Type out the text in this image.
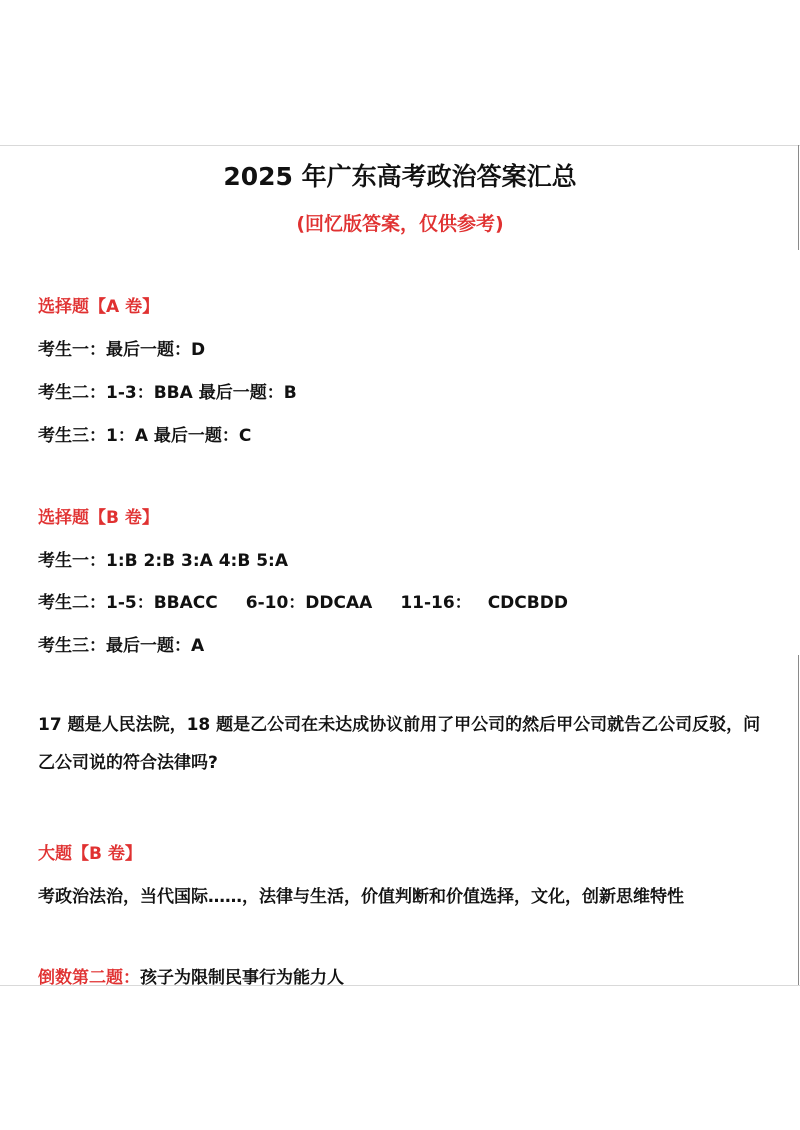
2025 年广东高考政治答案汇总
(回忆版答案，仅供参考)
选择题【A 卷】
考生一：最后一题：D
考生二：1-3：BBA 最后一题：B
考生三：1：A 最后一题：C
选择题【B 卷】
考生一：1:B 2:B 3:A 4:B 5:A
考生二：1-5：BBACC 6-10：DDCAA 11-16： CDCBDD
考生三：最后一题：A
17 题是人民法院，18 题是乙公司在未达成协议前用了甲公司的然后甲公司就告乙公司反驳，问乙公司说的符合法律吗?
大题【B 卷】
考政治法治，当代国际……，法律与生活，价值判断和价值选择，文化，创新思维特性
倒数第二题：孩子为限制民事行为能力人
